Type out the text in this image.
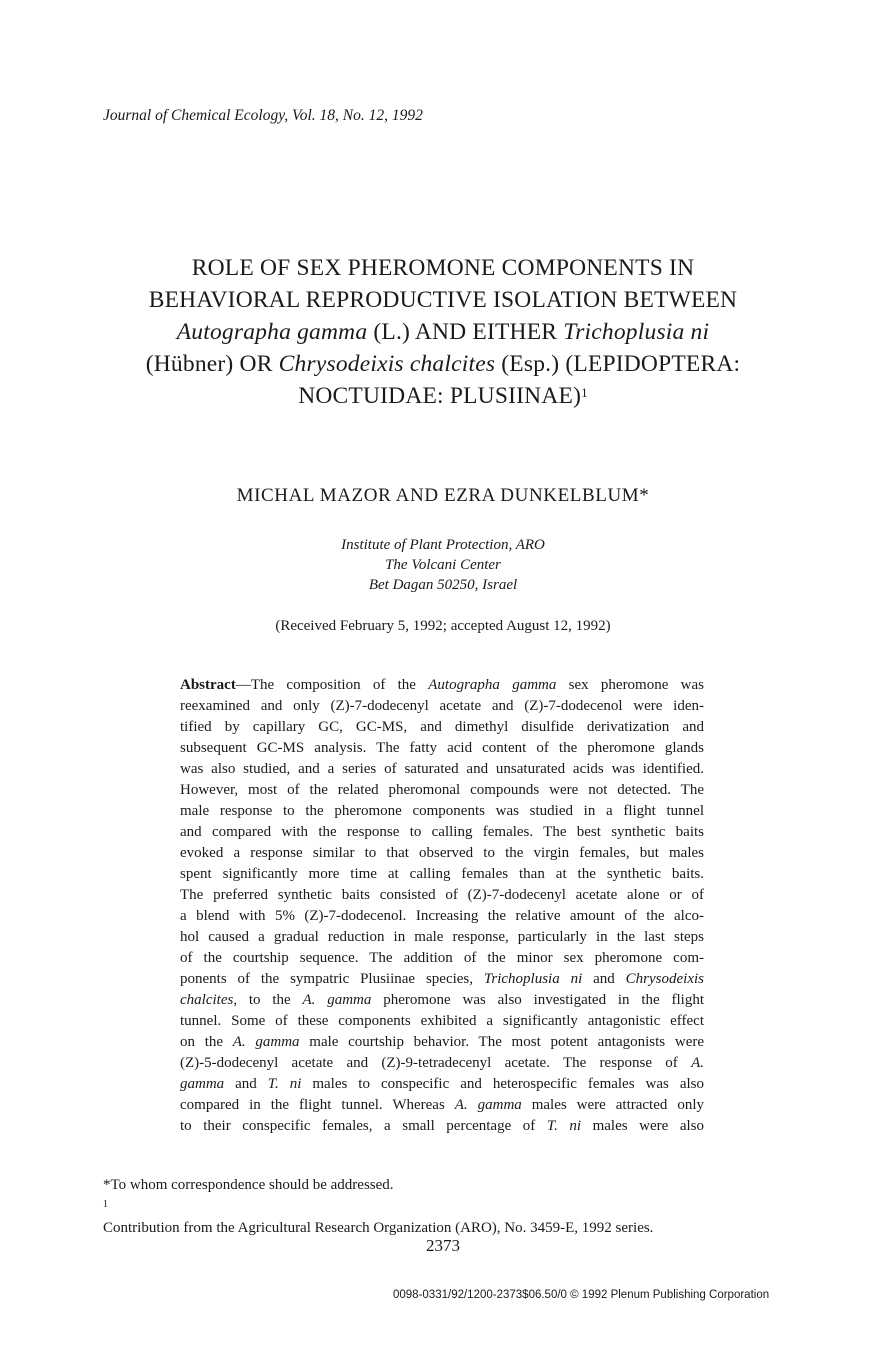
Journal of Chemical Ecology, Vol. 18, No. 12, 1992
ROLE OF SEX PHEROMONE COMPONENTS IN
BEHAVIORAL REPRODUCTIVE ISOLATION BETWEEN
Autographa gamma (L.) AND EITHER Trichoplusia ni
(Hübner) OR Chrysodeixis chalcites (Esp.) (LEPIDOPTERA:
NOCTUIDAE: PLUSIINAE)$^1$
MICHAL MAZOR AND EZRA DUNKELBLUM*
Institute of Plant Protection, ARO
The Volcani Center
Bet Dagan 50250, Israel
(Received February 5, 1992; accepted August 12, 1992)
Abstract—The composition of the Autographa gamma sex pheromone was
reexamined and only (Z)-7-dodecenyl acetate and (Z)-7-dodecenol were iden-
tified by capillary GC, GC-MS, and dimethyl disulfide derivatization and
subsequent GC-MS analysis. The fatty acid content of the pheromone glands
was also studied, and a series of saturated and unsaturated acids was identified.
However, most of the related pheromonal compounds were not detected. The
male response to the pheromone components was studied in a flight tunnel
and compared with the response to calling females. The best synthetic baits
evoked a response similar to that observed to the virgin females, but males
spent significantly more time at calling females than at the synthetic baits.
The preferred synthetic baits consisted of (Z)-7-dodecenyl acetate alone or of
a blend with 5% (Z)-7-dodecenol. Increasing the relative amount of the alco-
hol caused a gradual reduction in male response, particularly in the last steps
of the courtship sequence. The addition of the minor sex pheromone com-
ponents of the sympatric Plusiinae species, Trichoplusia ni and Chrysodeixis
chalcites, to the A. gamma pheromone was also investigated in the flight
tunnel. Some of these components exhibited a significantly antagonistic effect
on the A. gamma male courtship behavior. The most potent antagonists were
(Z)-5-dodecenyl acetate and (Z)-9-tetradecenyl acetate. The response of A.
gamma and T. ni males to conspecific and heterospecific females was also
compared in the flight tunnel. Whereas A. gamma males were attracted only
to their conspecific females, a small percentage of T. ni males were also
*To whom correspondence should be addressed.
$^1$
Contribution from the Agricultural Research Organization (ARO), No. 3459-E, 1992 series.
2373
0098-0331/92/1200-2373$06.50/0 © 1992 Plenum Publishing Corporation
